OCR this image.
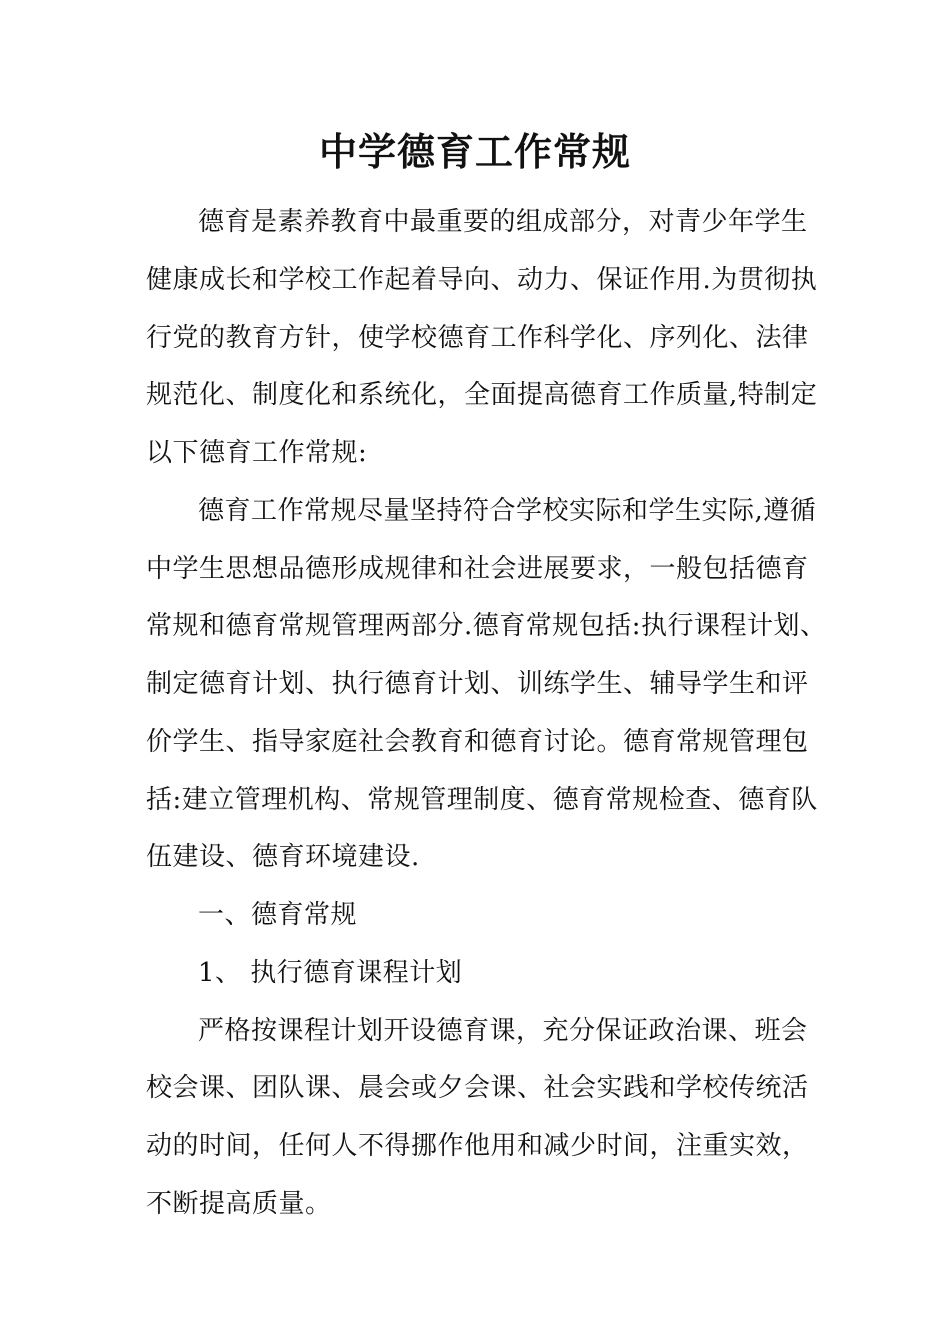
中学德育工作常规
德育是素养教育中最重要的组成部分，对青少年学生
健康成长和学校工作起着导向、动力、保证作用.为贯彻执
行党的教育方针，使学校德育工作科学化、序列化、法律
规范化、制度化和系统化，全面提高德育工作质量,特制定
以下德育工作常规:
德育工作常规尽量坚持符合学校实际和学生实际,遵循
中学生思想品德形成规律和社会进展要求，一般包括德育
常规和德育常规管理两部分.德育常规包括:执行课程计划、
制定德育计划、执行德育计划、训练学生、辅导学生和评
价学生、指导家庭社会教育和德育讨论。德育常规管理包
括:建立管理机构、常规管理制度、德育常规检查、德育队
伍建设、德育环境建设.
一、德育常规
1、 执行德育课程计划
严格按课程计划开设德育课，充分保证政治课、班会
校会课、团队课、晨会或夕会课、社会实践和学校传统活
动的时间，任何人不得挪作他用和减少时间，注重实效，
不断提高质量。
